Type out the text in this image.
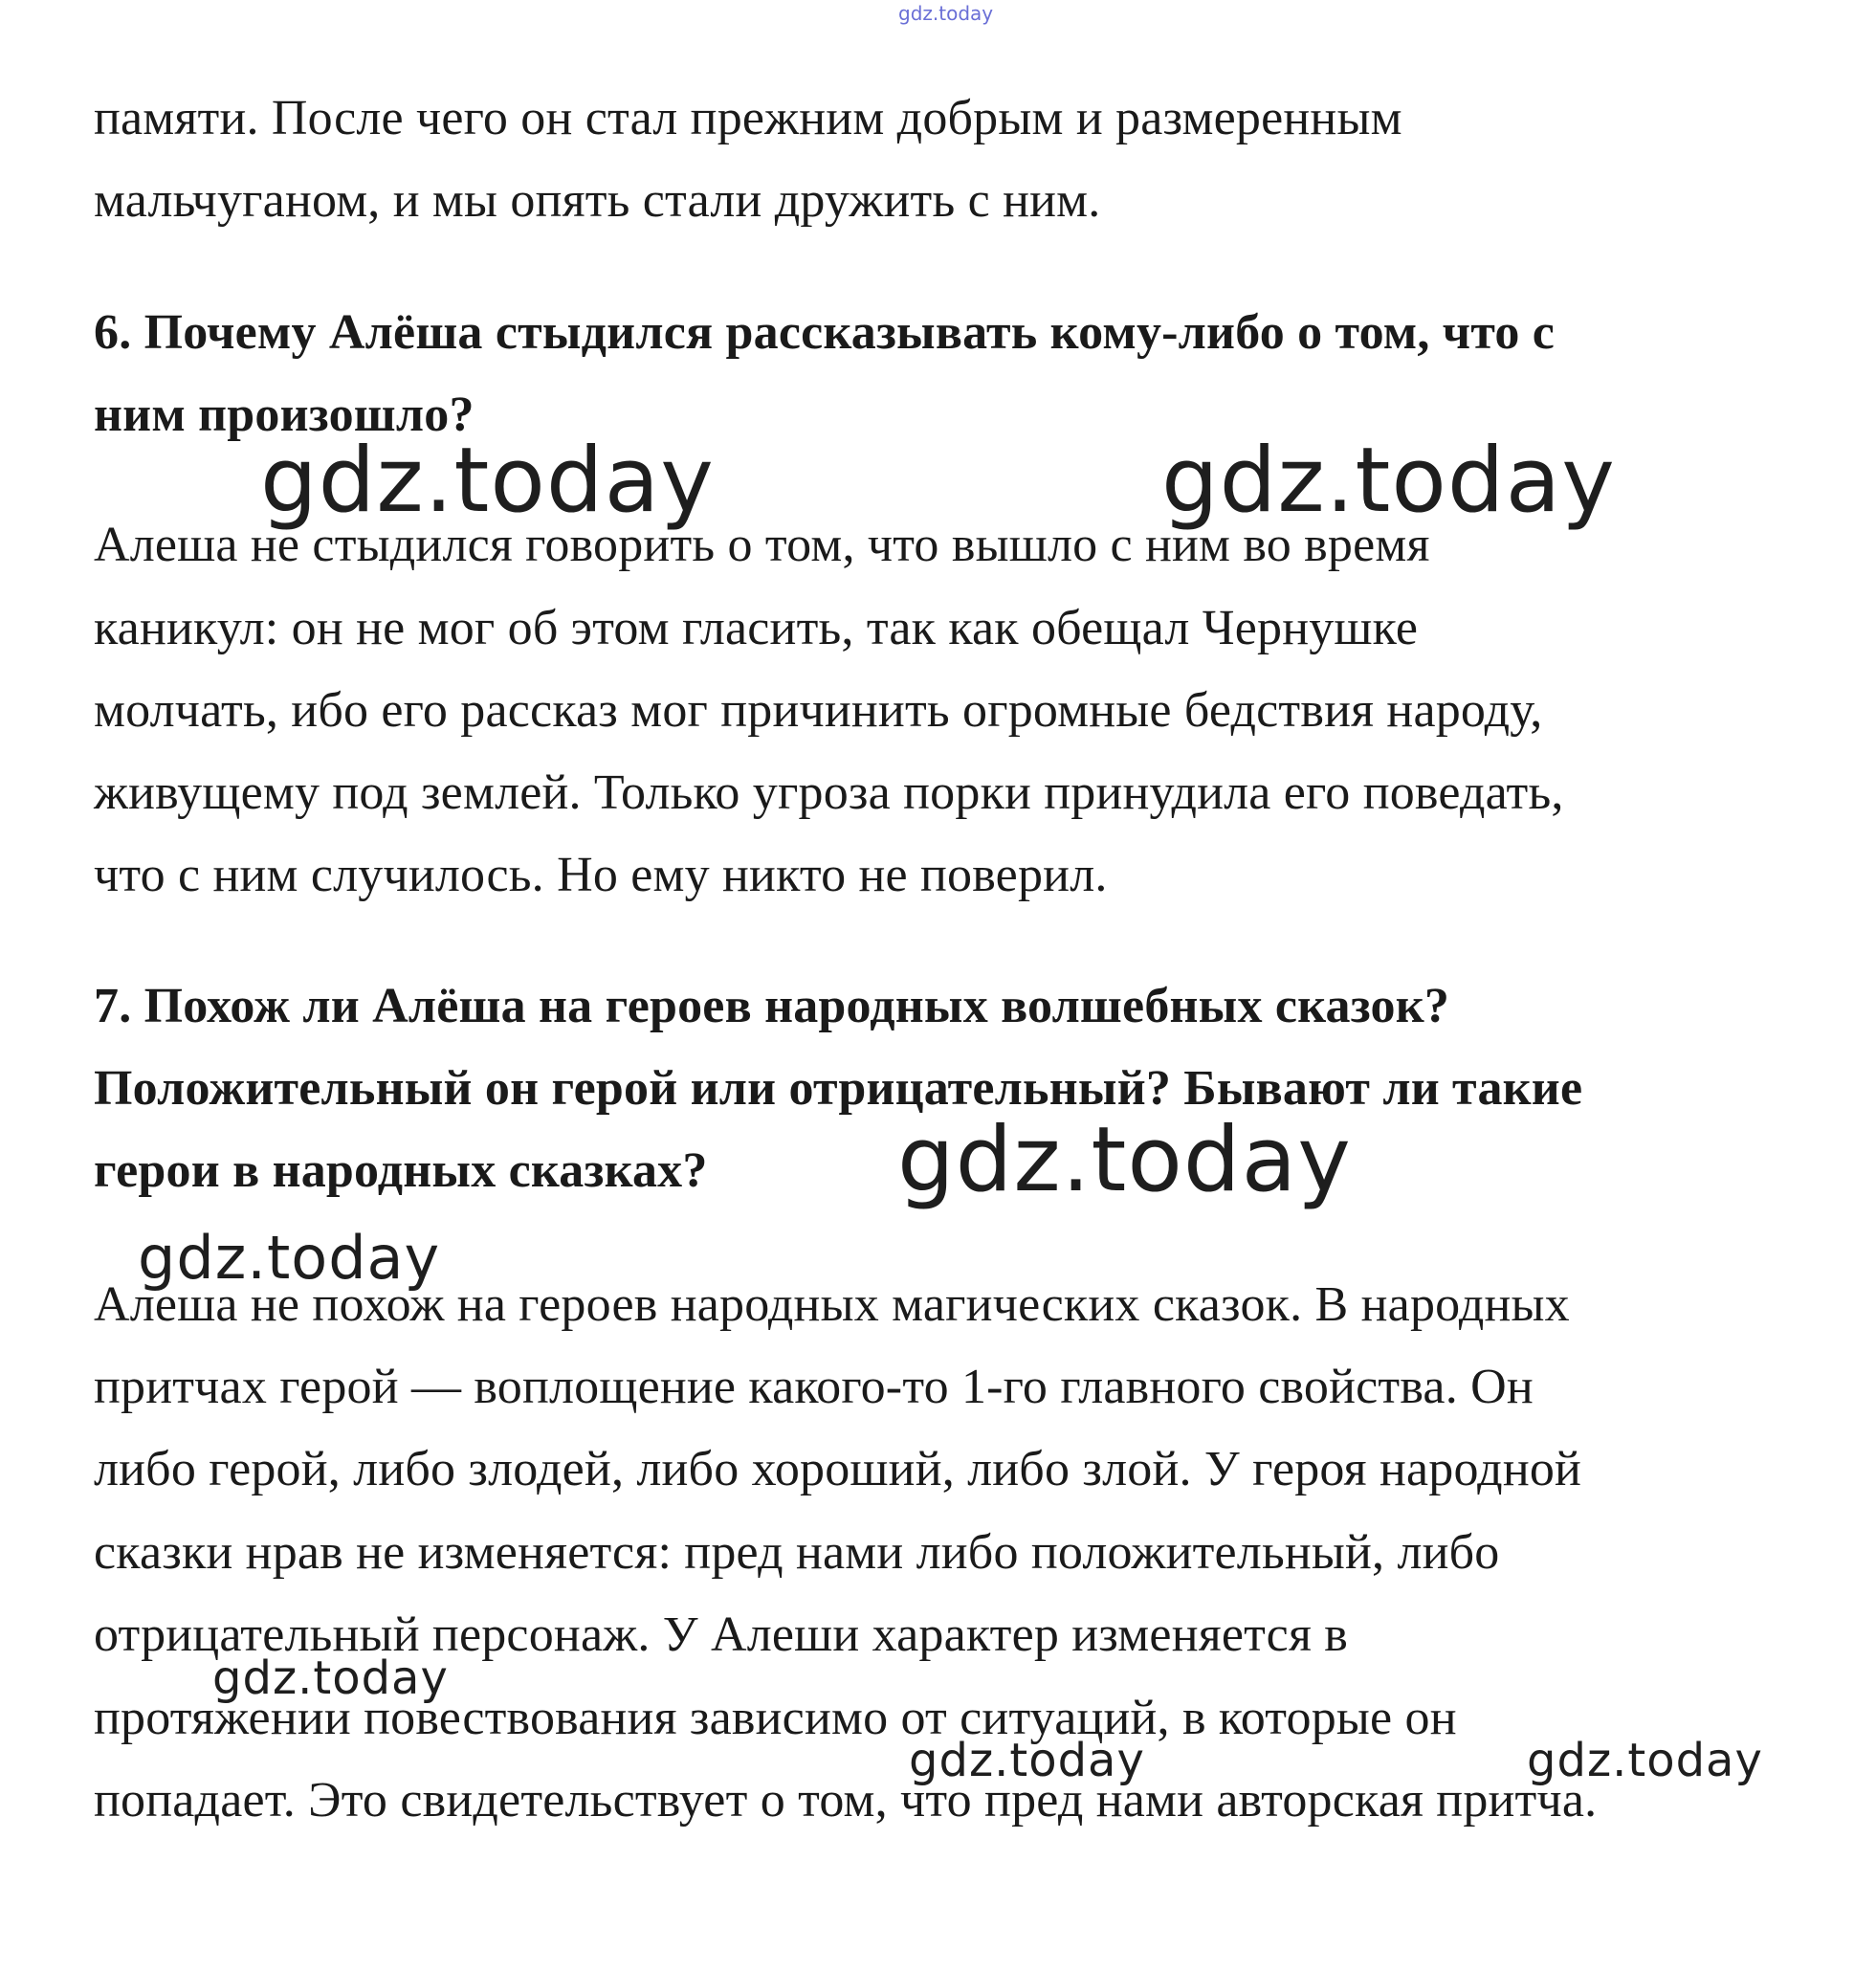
gdz.today
памяти. После чего он стал прежним добрым и размеренным
мальчуганом, и мы опять стали дружить с ним.
6. Почему Алёша стыдился рассказывать кому-либо о том, что с
ним произошло?
Алеша не стыдился говорить о том, что вышло с ним во время
каникул: он не мог об этом гласить, так как обещал Чернушке
молчать, ибо его рассказ мог причинить огромные бедствия народу,
живущему под землей. Только угроза порки принудила его поведать,
что с ним случилось. Но ему никто не поверил.
7. Похож ли Алёша на героев народных волшебных сказок?
Положительный он герой или отрицательный? Бывают ли такие
герои в народных сказках?
Алеша не похож на героев народных магических сказок. В народных
притчах герой — воплощение какого-то 1-го главного свойства. Он
либо герой, либо злодей, либо хороший, либо злой. У героя народной
сказки нрав не изменяется: пред нами либо положительный, либо
отрицательный персонаж. У Алеши характер изменяется в
протяжении повествования зависимо от ситуаций, в которые он
попадает. Это свидетельствует о том, что пред нами авторская притча.
gdz.today	gdz.today
gdz.today
gdz.today
gdz.today
gdz.today	gdz.today
